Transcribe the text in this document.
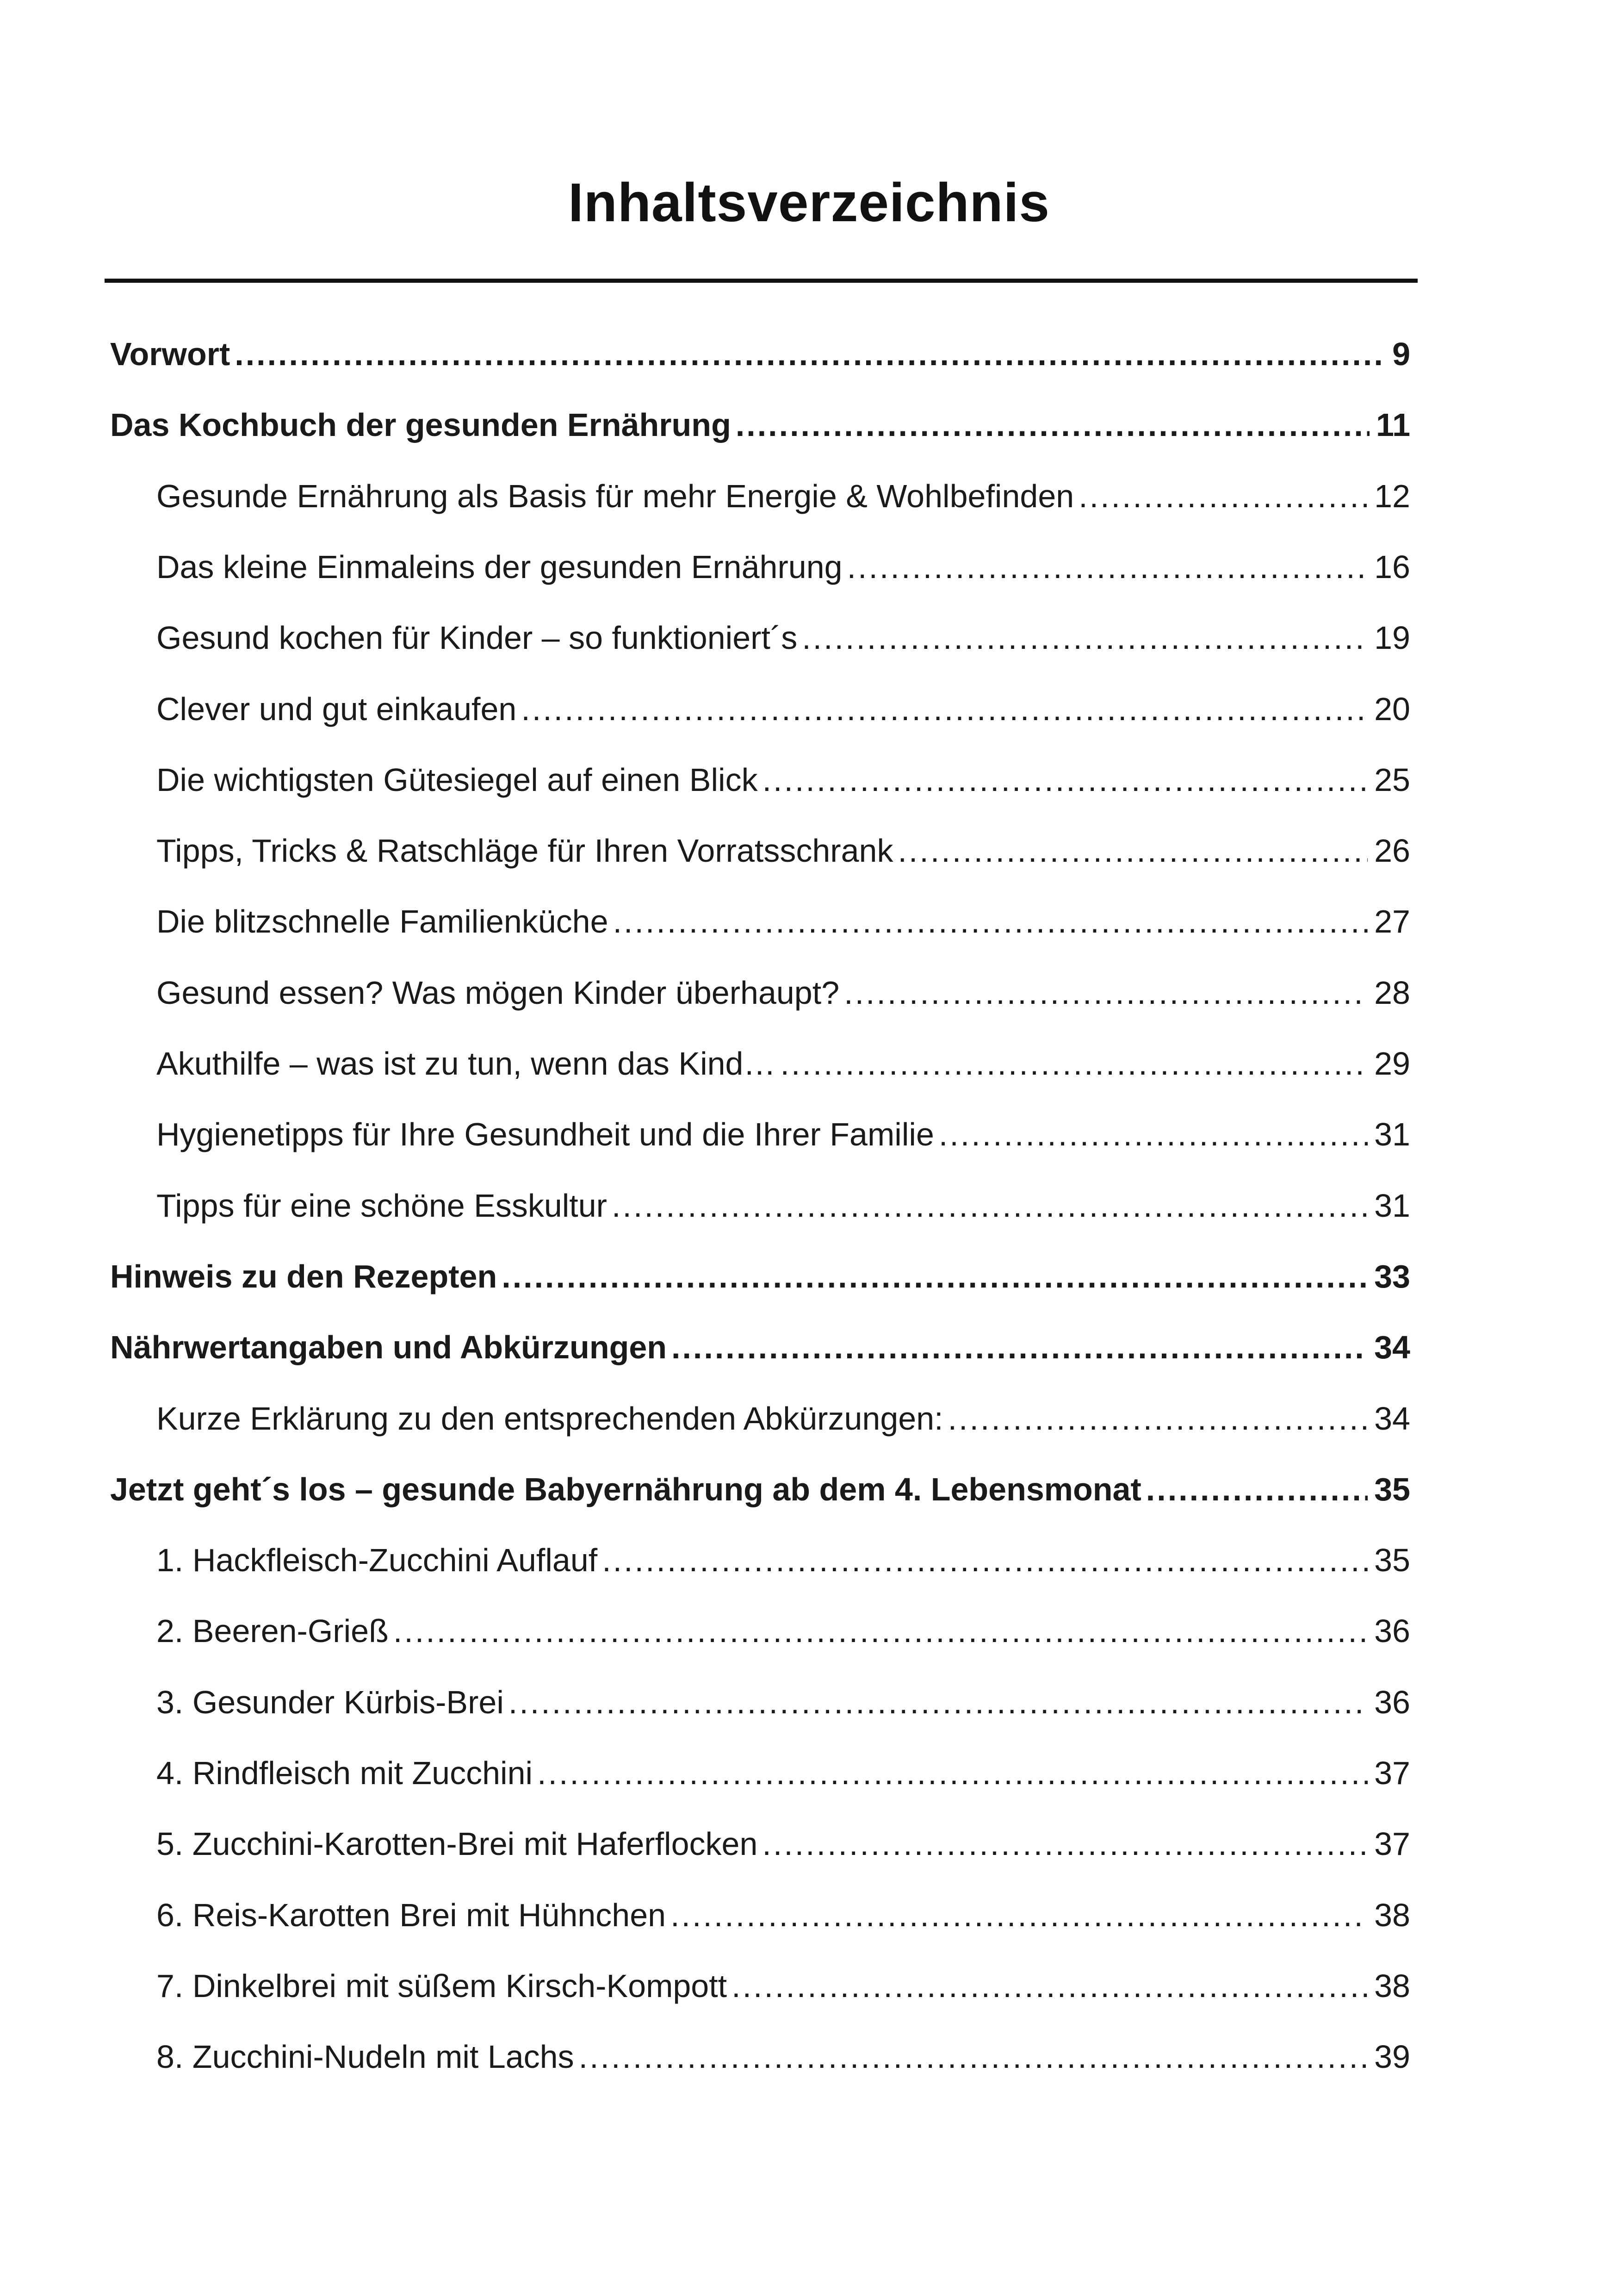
Inhaltsverzeichnis
Vorwort .....	9
Das Kochbuch der gesunden Ernährung .....	11
Gesunde Ernährung als Basis für mehr Energie & Wohlbefinden .....	12
Das kleine Einmaleins der gesunden Ernährung .....	16
Gesund kochen für Kinder – so funktioniert´s .....	19
Clever und gut einkaufen .....	20
Die wichtigsten Gütesiegel auf einen Blick .....	25
Tipps, Tricks & Ratschläge für Ihren Vorratsschrank .....	26
Die blitzschnelle Familienküche .....	27
Gesund essen? Was mögen Kinder überhaupt? .....	28
Akuthilfe – was ist zu tun, wenn das Kind… .....	29
Hygienetipps für Ihre Gesundheit und die Ihrer Familie .....	31
Tipps für eine schöne Esskultur .....	31
Hinweis zu den Rezepten .....	33
Nährwertangaben und Abkürzungen .....	34
Kurze Erklärung zu den entsprechenden Abkürzungen: .....	34
Jetzt geht´s los – gesunde Babyernährung ab dem 4. Lebensmonat .....	35
1. Hackfleisch-Zucchini Auflauf .....	35
2. Beeren-Grieß .....	36
3. Gesunder Kürbis-Brei .....	36
4. Rindfleisch mit Zucchini .....	37
5. Zucchini-Karotten-Brei mit Haferflocken .....	37
6. Reis-Karotten Brei mit Hühnchen .....	38
7. Dinkelbrei mit süßem Kirsch-Kompott .....	38
8. Zucchini-Nudeln mit Lachs .....	39
